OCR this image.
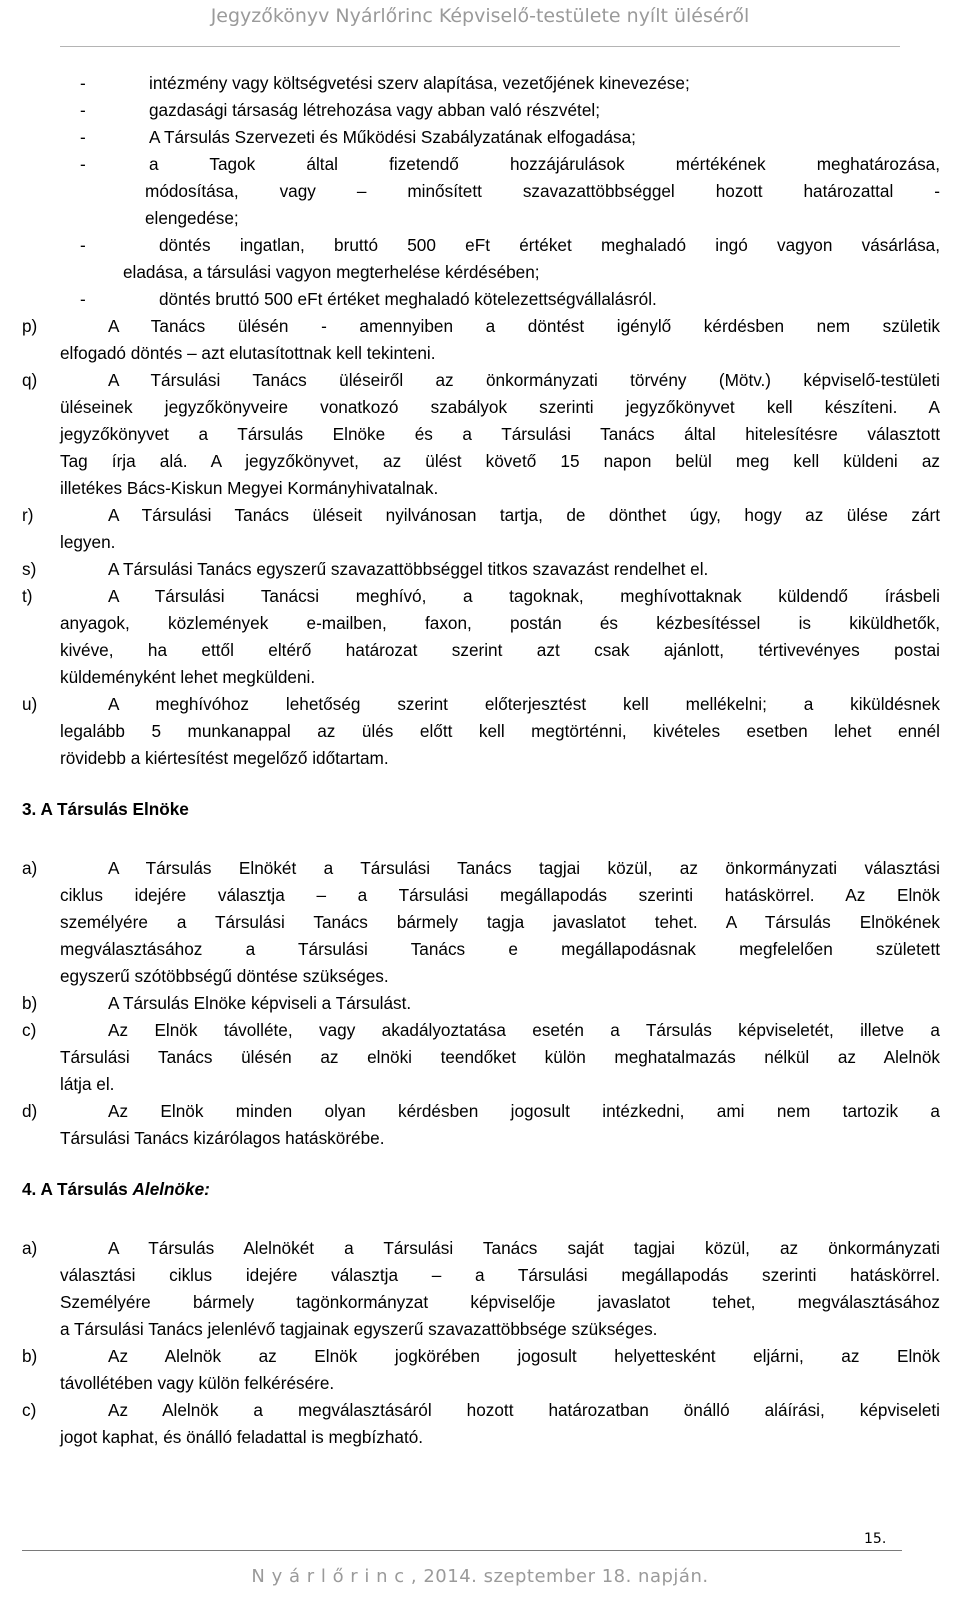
Jegyzőkönyv Nyárlőrinc Képviselő-testülete nyílt üléséről
-	intézmény vagy költségvetési szerv alapítása, vezetőjének kinevezése;
-	gazdasági társaság létrehozása vagy abban való részvétel;
-	A Társulás Szervezeti és Működési Szabályzatának elfogadása;
-	a Tagok által fizetendő hozzájárulások mértékének meghatározása,
módosítása, vagy – minősített szavazattöbbséggel hozott határozattal -
elengedése;
-	döntés ingatlan, bruttó 500 eFt értéket meghaladó ingó vagyon vásárlása,
eladása, a társulási vagyon megterhelése kérdésében;
-	döntés bruttó 500 eFt értéket meghaladó kötelezettségvállalásról.
p)	A Tanács ülésén - amennyiben a döntést igénylő kérdésben nem születik
elfogadó döntés – azt elutasítottnak kell tekinteni.
q)	A Társulási Tanács üléseiről az önkormányzati törvény (Mötv.) képviselő-testületi
üléseinek jegyzőkönyveire vonatkozó szabályok szerinti jegyzőkönyvet kell készíteni. A
jegyzőkönyvet a Társulás Elnöke és a Társulási Tanács által hitelesítésre választott
Tag írja alá. A jegyzőkönyvet, az ülést követő 15 napon belül meg kell küldeni az
illetékes Bács-Kiskun Megyei Kormányhivatalnak.
r)	A Társulási Tanács üléseit nyilvánosan tartja, de dönthet úgy, hogy az ülése zárt
legyen.
s)	A Társulási Tanács egyszerű szavazattöbbséggel titkos szavazást rendelhet el.
t)	A Társulási Tanácsi meghívó, a tagoknak, meghívottaknak küldendő írásbeli
anyagok, közlemények e-mailben, faxon, postán és kézbesítéssel is kiküldhetők,
kivéve, ha ettől eltérő határozat szerint azt csak ajánlott, tértivevényes postai
küldeményként lehet megküldeni.
u)	A meghívóhoz lehetőség szerint előterjesztést kell mellékelni; a kiküldésnek
legalább 5 munkanappal az ülés előtt kell megtörténni, kivételes esetben lehet ennél
rövidebb a kiértesítést megelőző időtartam.
3. A Társulás Elnöke
a)	A Társulás Elnökét a Társulási Tanács tagjai közül, az önkormányzati választási
ciklus idejére választja – a Társulási megállapodás szerinti hatáskörrel. Az Elnök
személyére a Társulási Tanács bármely tagja javaslatot tehet. A Társulás Elnökének
megválasztásához a Társulási Tanács e megállapodásnak megfelelően született
egyszerű szótöbbségű döntése szükséges.
b)	A Társulás Elnöke képviseli a Társulást.
c)	Az Elnök távolléte, vagy akadályoztatása esetén a Társulás képviseletét, illetve a
Társulási Tanács ülésén az elnöki teendőket külön meghatalmazás nélkül az Alelnök
látja el.
d)	Az Elnök minden olyan kérdésben jogosult intézkedni, ami nem tartozik a
Társulási Tanács kizárólagos hatáskörébe.
4. A Társulás Alelnöke:
a)	A Társulás Alelnökét a Társulási Tanács saját tagjai közül, az önkormányzati
választási ciklus idejére választja – a Társulási megállapodás szerinti hatáskörrel.
Személyére bármely tagönkormányzat képviselője javaslatot tehet, megválasztásához
a Társulási Tanács jelenlévő tagjainak egyszerű szavazattöbbsége szükséges.
b)	Az Alelnök az Elnök jogkörében jogosult helyettesként eljárni, az Elnök
távollétében vagy külön felkérésére.
c)	Az Alelnök a megválasztásáról hozott határozatban önálló aláírási, képviseleti
jogot kaphat, és önálló feladattal is megbízható.
15.
N y á r l ő r i n c , 2014. szeptember 18. napján.
